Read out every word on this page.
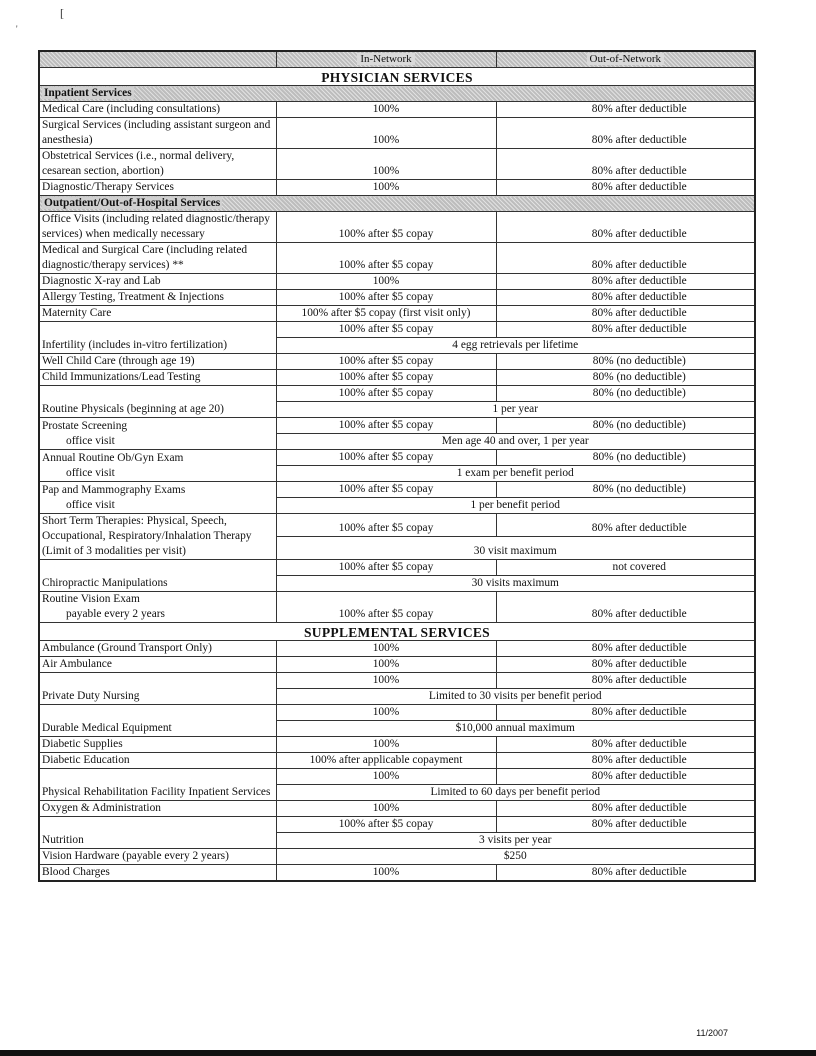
[
'
	In-Network	Out-of-Network
PHYSICIAN SERVICES		
Inpatient Services		

Medical Care (including consultations)	100%	80% after deductible

Surgical Services (including assistant surgeon and anesthesia)	100%	80% after deductible

Obstetrical Services (i.e., normal delivery, cesarean section, abortion)	100%	80% after deductible

Diagnostic/Therapy Services	100%	80% after deductible
Outpatient/Out-of-Hospital Services		

Office Visits (including related diagnostic/therapy services) when medically necessary	100% after $5 copay	80% after deductible

Medical and Surgical Care (including related diagnostic/therapy services) **	100% after $5 copay	80% after deductible

Diagnostic X-ray and Lab	100%	80% after deductible

Allergy Testing, Treatment & Injections	100% after $5 copay	80% after deductible

Maternity Care	100% after $5 copay (first visit only)	80% after deductible

Infertility (includes in-vitro fertilization)	100% after $5 copay	80% after deductible
	4 egg retrievals per lifetime	

Well Child Care (through age 19)	100% after $5 copay	80% (no deductible)

Child Immunizations/Lead Testing	100% after $5 copay	80% (no deductible)

Routine Physicals (beginning at age 20)	100% after $5 copay	80% (no deductible)
	1 per year	

Prostate Screening
office visit	100% after $5 copay	80% (no deductible)
	Men age 40 and over, 1 per year	

Annual Routine Ob/Gyn Exam
office visit	100% after $5 copay	80% (no deductible)
	1 exam per benefit period	

Pap and Mammography Exams
office visit	100% after $5 copay	80% (no deductible)
	1 per benefit period	

Short Term Therapies: Physical, Speech, Occupational, Respiratory/Inhalation Therapy (Limit of 3 modalities per visit)	100% after $5 copay	80% after deductible
	30 visit maximum	

Chiropractic Manipulations	100% after $5 copay	not covered
	30 visits maximum	

Routine Vision Exam
payable every 2 years	100% after $5 copay	80% after deductible
SUPPLEMENTAL SERVICES		

Ambulance (Ground Transport Only)	100%	80% after deductible

Air Ambulance	100%	80% after deductible

Private Duty Nursing	100%	80% after deductible
	Limited to 30 visits per benefit period	

Durable Medical Equipment	100%	80% after deductible
	$10,000 annual maximum	

Diabetic Supplies	100%	80% after deductible

Diabetic Education	100% after applicable copayment	80% after deductible

Physical Rehabilitation Facility Inpatient Services	100%	80% after deductible
	Limited to 60 days per benefit period	

Oxygen & Administration	100%	80% after deductible

Nutrition	100% after $5 copay	80% after deductible
	3 visits per year	

Vision Hardware (payable every 2 years)	$250	

Blood Charges	100%	80% after deductible
11/2007
